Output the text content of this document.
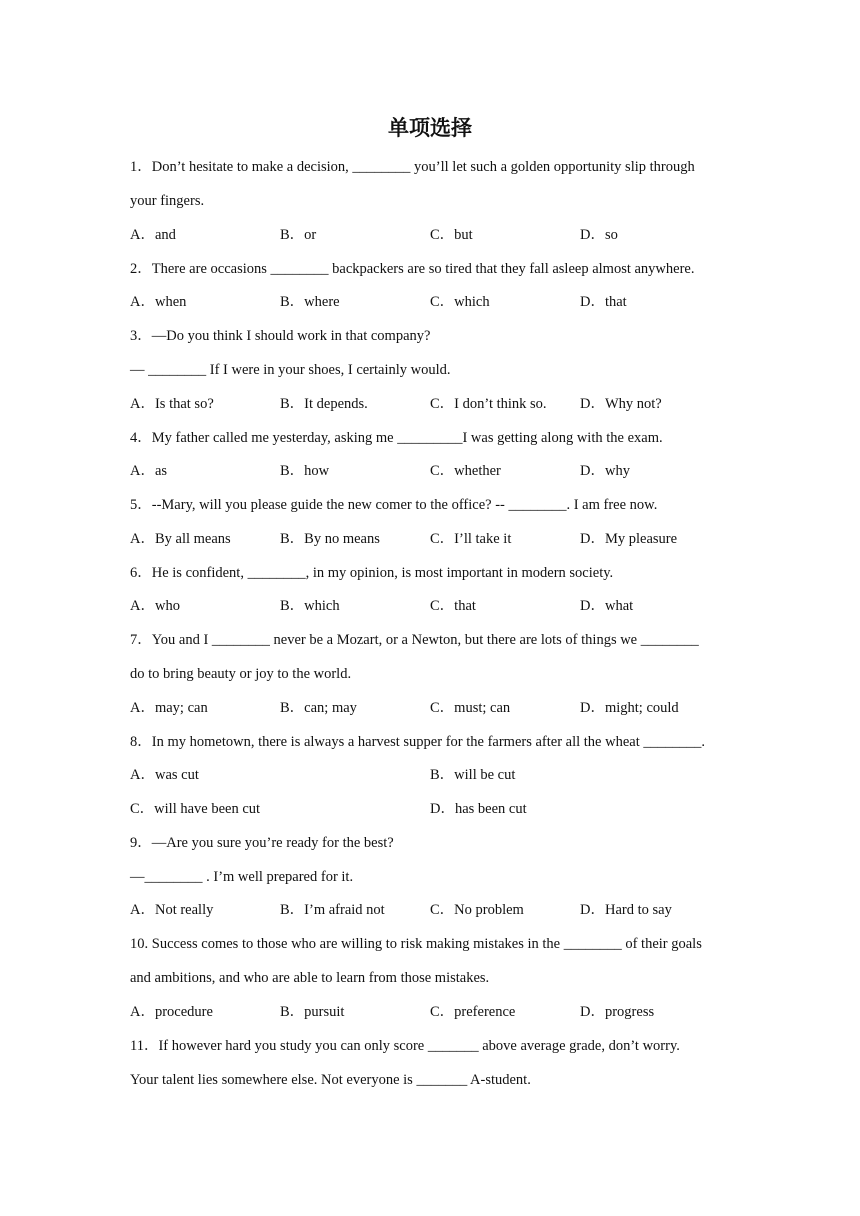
单项选择
1．Don’t hesitate to make a decision, ________ you’ll let such a golden opportunity slip through
your fingers.
A．and	B．or	C．but	D．so
2．There are occasions ________ backpackers are so tired that they fall asleep almost anywhere.
A．when	B．where	C．which	D．that
3．—Do you think I should work in that company?
— ________ If I were in your shoes, I certainly would.
A．Is that so?	B．It depends.	C．I don’t think so. D．Why not?
4．My father called me yesterday, asking me _________I was getting along with the exam.
A．as	B．how	C．whether	D．why
5．--Mary, will you please guide the new comer to the office? -- ________. I am free now.
A．By all means	B．By no means	C．I’ll take it	D．My pleasure
6．He is confident, ________, in my opinion, is most important in modern society.
A．who	B．which	C．that	D．what
7．You and I ________ never be a Mozart, or a Newton, but there are lots of things we ________
do to bring beauty or joy to the world.
A．may; can	B．can; may	C．must; can	D．might; could
8．In my hometown, there is always a harvest supper for the farmers after all the wheat ________.
A．was cut	B．will be cut
C．will have been cut	D．has been cut
9．—Are you sure you’re ready for the best?
—________ . I’m well prepared for it.
A．Not really	B．I’m afraid not	C．No problem	D．Hard to say
10. Success comes to those who are willing to risk making mistakes in the ________ of their goals
and ambitions, and who are able to learn from those mistakes.
A．procedure	B．pursuit	C．preference	D．progress
11．If however hard you study you can only score _______ above average grade, don’t worry.
Your talent lies somewhere else. Not everyone is _______ A-student.
